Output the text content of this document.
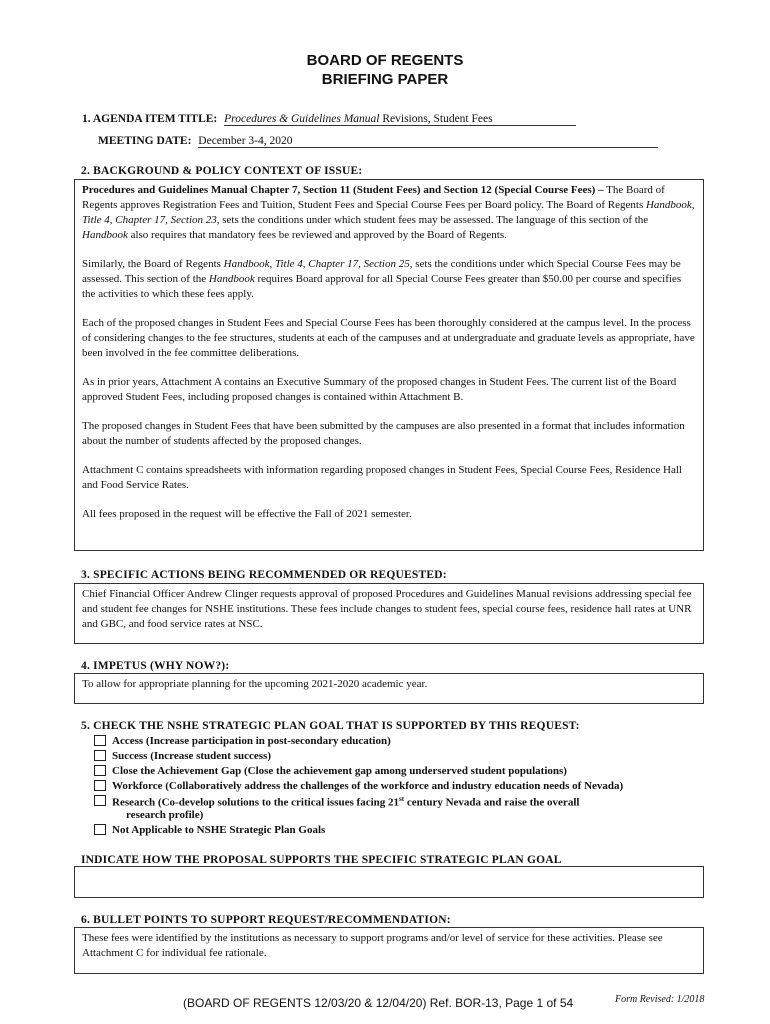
BOARD OF REGENTS
BRIEFING PAPER
1. AGENDA ITEM TITLE: Procedures & Guidelines Manual Revisions, Student Fees
MEETING DATE: December 3-4, 2020
2. BACKGROUND & POLICY CONTEXT OF ISSUE:

Procedures and Guidelines Manual Chapter 7, Section 11 (Student Fees) and Section 12 (Special Course Fees) – The Board of Regents approves Registration Fees and Tuition, Student Fees and Special Course Fees per Board policy. The Board of Regents Handbook, Title 4, Chapter 17, Section 23, sets the conditions under which student fees may be assessed. The language of this section of the Handbook also requires that mandatory fees be reviewed and approved by the Board of Regents.

Similarly, the Board of Regents Handbook, Title 4, Chapter 17, Section 25, sets the conditions under which Special Course Fees may be assessed. This section of the Handbook requires Board approval for all Special Course Fees greater than $50.00 per course and specifies the activities to which these fees apply.

Each of the proposed changes in Student Fees and Special Course Fees has been thoroughly considered at the campus level. In the process of considering changes to the fee structures, students at each of the campuses and at undergraduate and graduate levels as appropriate, have been involved in the fee committee deliberations.

As in prior years, Attachment A contains an Executive Summary of the proposed changes in Student Fees. The current list of the Board approved Student Fees, including proposed changes is contained within Attachment B.

The proposed changes in Student Fees that have been submitted by the campuses are also presented in a format that includes information about the number of students affected by the proposed changes.

Attachment C contains spreadsheets with information regarding proposed changes in Student Fees, Special Course Fees, Residence Hall and Food Service Rates.

All fees proposed in the request will be effective the Fall of 2021 semester.

3. SPECIFIC ACTIONS BEING RECOMMENDED OR REQUESTED:

Chief Financial Officer Andrew Clinger requests approval of proposed Procedures and Guidelines Manual revisions addressing special fee and student fee changes for NSHE institutions. These fees include changes to student fees, special course fees, residence hall rates at UNR and GBC, and food service rates at NSC.

4. IMPETUS (WHY NOW?):

To allow for appropriate planning for the upcoming 2021-2020 academic year.

5. CHECK THE NSHE STRATEGIC PLAN GOAL THAT IS SUPPORTED BY THIS REQUEST:
Access (Increase participation in post-secondary education)
Success (Increase student success)
Close the Achievement Gap (Close the achievement gap among underserved student populations)
Workforce (Collaboratively address the challenges of the workforce and industry education needs of Nevada)
Research (Co-develop solutions to the critical issues facing 21st century Nevada and raise the overall
research profile)
Not Applicable to NSHE Strategic Plan Goals
INDICATE HOW THE PROPOSAL SUPPORTS THE SPECIFIC STRATEGIC PLAN GOAL
6. BULLET POINTS TO SUPPORT REQUEST/RECOMMENDATION:

These fees were identified by the institutions as necessary to support programs and/or level of service for these activities. Please see Attachment C for individual fee rationale.

(BOARD OF REGENTS 12/03/20 & 12/04/20) Ref. BOR-13, Page 1 of 54	Form Revised: 1/2018
